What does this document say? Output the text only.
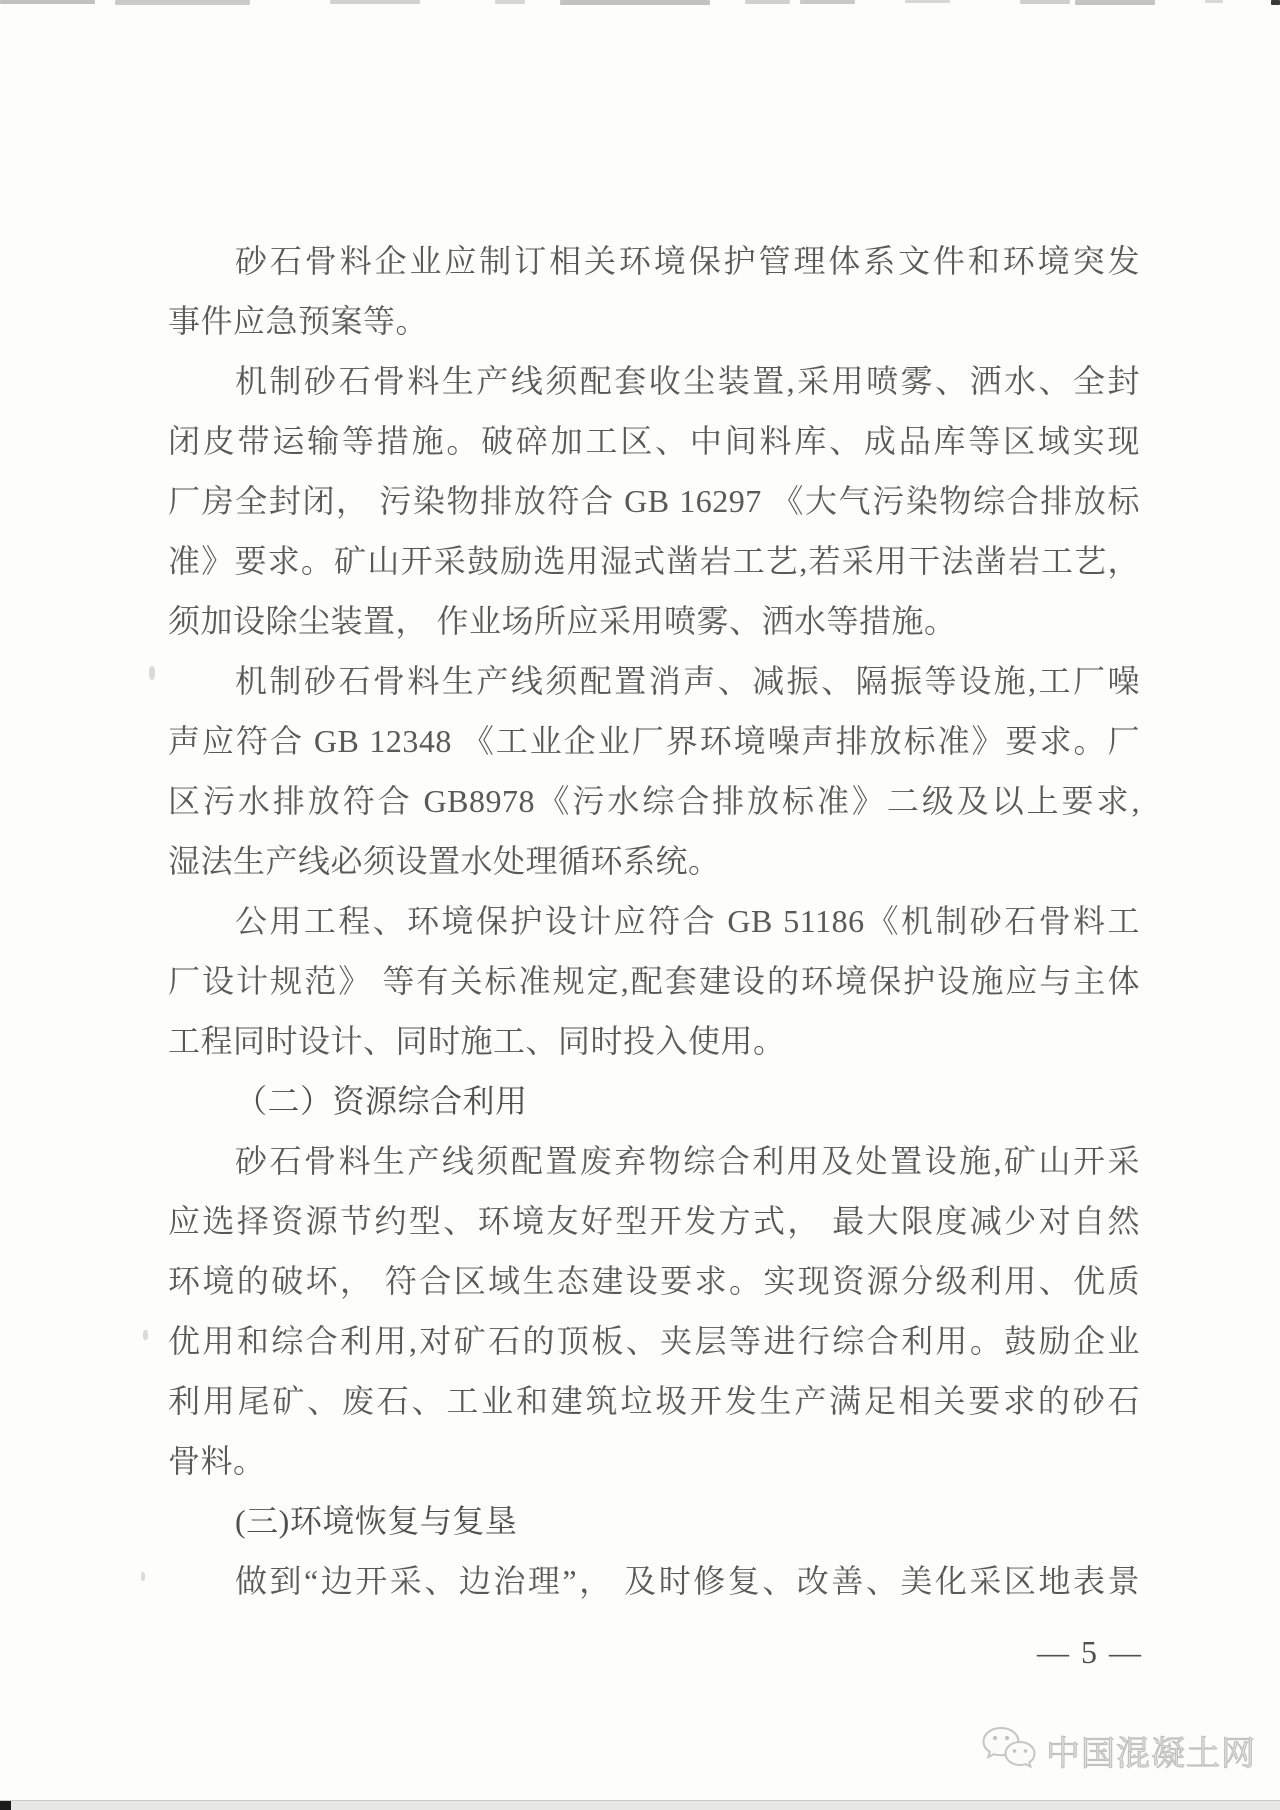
砂石骨料企业应制订相关环境保护管理体系文件和环境突发
事件应急预案等。
机制砂石骨料生产线须配套收尘装置,采用喷雾、洒水、全封
闭皮带运输等措施。破碎加工区、中间料库、成品库等区域实现
厂房全封闭， 污染物排放符合 GB 16297 《大气污染物综合排放标
准》要求。矿山开采鼓励选用湿式凿岩工艺,若采用干法凿岩工艺，
须加设除尘装置， 作业场所应采用喷雾、洒水等措施。
机制砂石骨料生产线须配置消声、减振、隔振等设施,工厂噪
声应符合 GB 12348 《工业企业厂界环境噪声排放标准》要求。厂
区污水排放符合 GB8978《污水综合排放标准》二级及以上要求,
湿法生产线必须设置水处理循环系统。
公用工程、环境保护设计应符合 GB 51186《机制砂石骨料工
厂设计规范》 等有关标准规定,配套建设的环境保护设施应与主体
工程同时设计、同时施工、同时投入使用。
（二）资源综合利用
砂石骨料生产线须配置废弃物综合利用及处置设施,矿山开采
应选择资源节约型、环境友好型开发方式， 最大限度减少对自然
环境的破坏， 符合区域生态建设要求。实现资源分级利用、优质
优用和综合利用,对矿石的顶板、夹层等进行综合利用。鼓励企业
利用尾矿、废石、工业和建筑垃圾开发生产满足相关要求的砂石
骨料。
(三)环境恢复与复垦
做到“边开采、边治理”， 及时修复、改善、美化采区地表景
— 5 —
中国混凝土网
